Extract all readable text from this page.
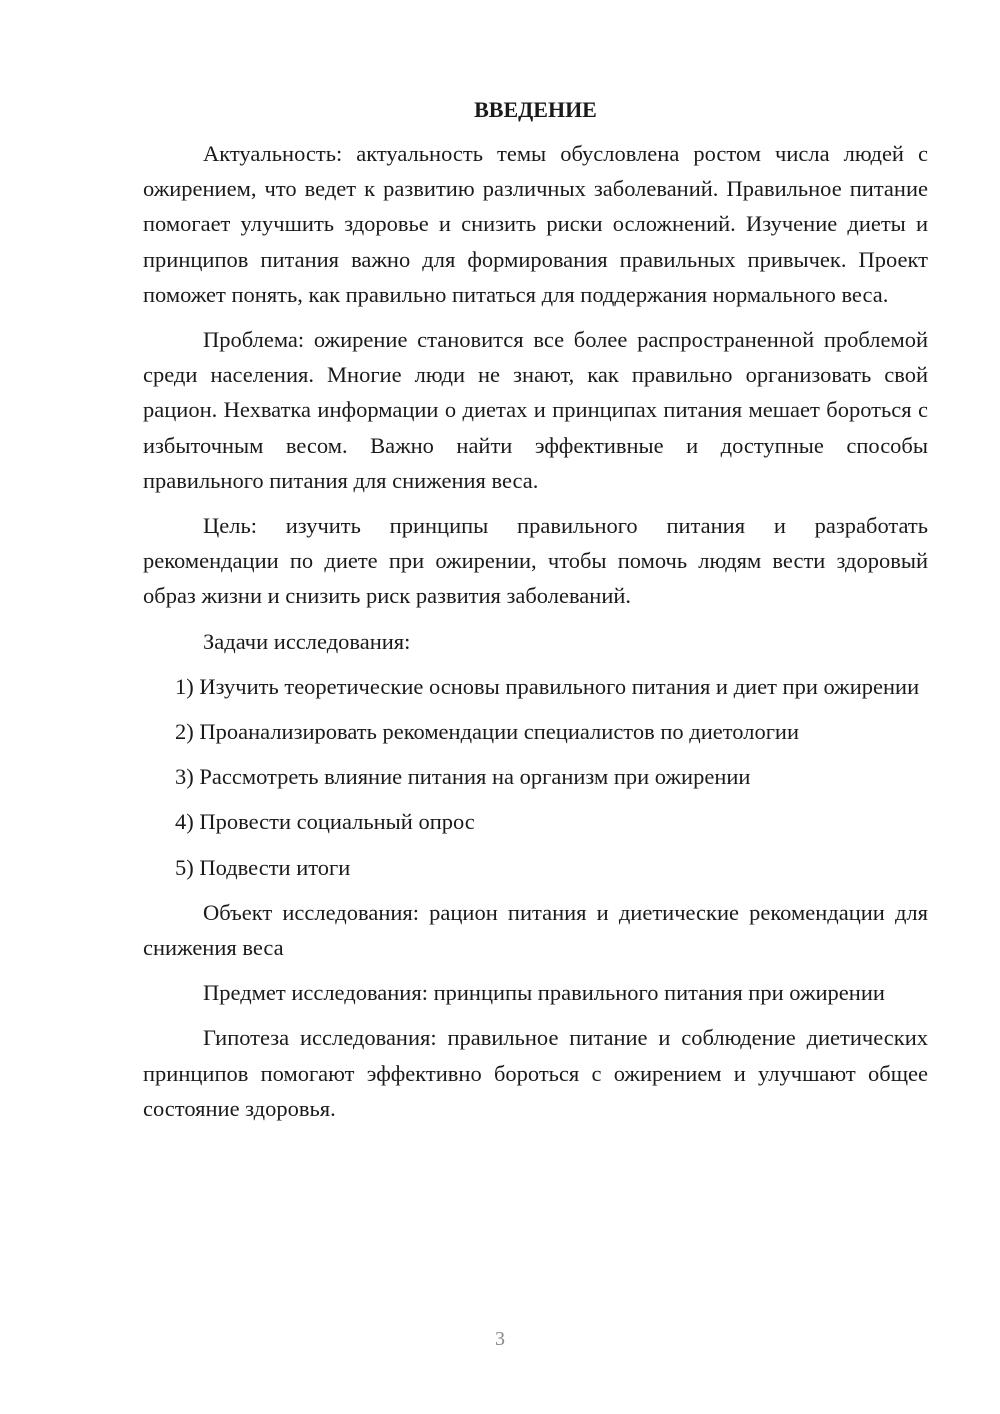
ВВЕДЕНИЕ

Актуальность: актуальность темы обусловлена ростом числа людей с ожирением, что ведет к развитию различных заболеваний. Правильное питание помогает улучшить здоровье и снизить риски осложнений. Изучение диеты и принципов питания важно для формирования правильных привычек. Проект поможет понять, как правильно питаться для поддержания нормального веса.

Проблема: ожирение становится все более распространенной проблемой среди населения. Многие люди не знают, как правильно организовать свой рацион. Нехватка информации о диетах и принципах питания мешает бороться с избыточным весом. Важно найти эффективные и доступные способы правильного питания для снижения веса.

Цель: изучить принципы правильного питания и разработать рекомендации по диете при ожирении, чтобы помочь людям вести здоровый образ жизни и снизить риск развития заболеваний.

Задачи исследования:

1) Изучить теоретические основы правильного питания и диет при ожирении

2) Проанализировать рекомендации специалистов по диетологии

3) Рассмотреть влияние питания на организм при ожирении

4) Провести социальный опрос

5) Подвести итоги

Объект исследования: рацион питания и диетические рекомендации для снижения веса

Предмет исследования: принципы правильного питания при ожирении

Гипотеза исследования: правильное питание и соблюдение диетических принципов помогают эффективно бороться с ожирением и улучшают общее состояние здоровья.

3
